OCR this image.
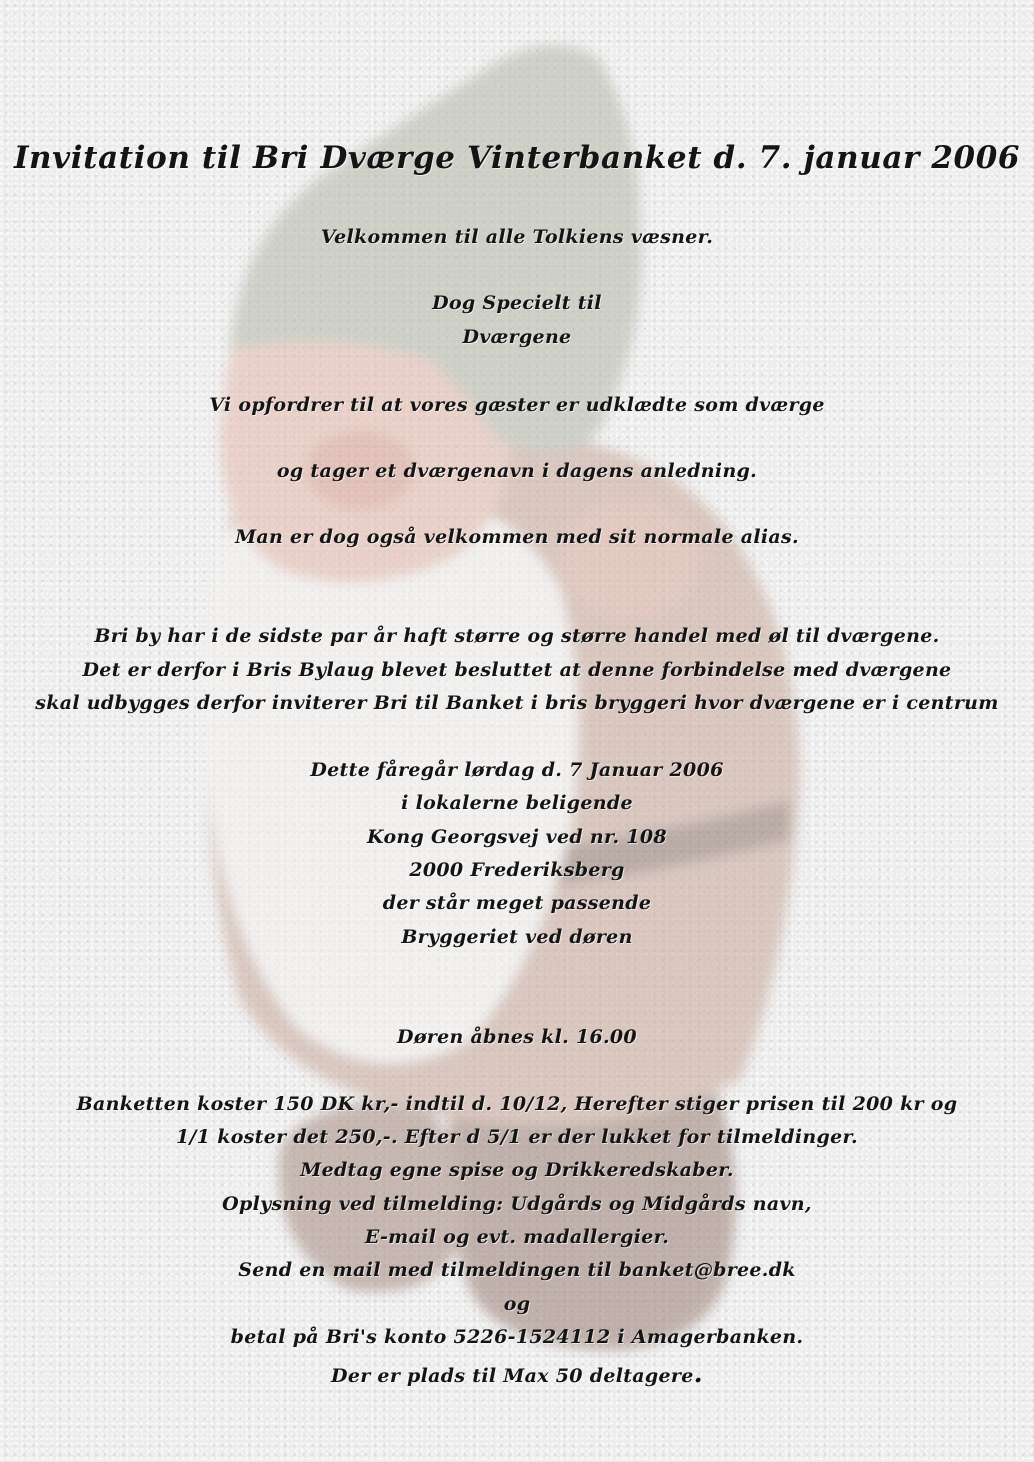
Invitation til Bri Dværge Vinterbanket d. 7. januar 2006
Velkommen til alle Tolkiens væsner.
Dog Specielt til
Dværgene
Vi opfordrer til at vores gæster er udklædte som dværge
og tager et dværgenavn i dagens anledning.
Man er dog også velkommen med sit normale alias.
Bri by har i de sidste par år haft større og større handel med øl til dværgene.
Det er derfor i Bris Bylaug blevet besluttet at denne forbindelse med dværgene
skal udbygges derfor inviterer Bri til Banket i bris bryggeri hvor dværgene er i centrum
Dette fåregår lørdag d. 7 Januar 2006
i lokalerne beligende
Kong Georgsvej ved nr. 108
2000 Frederiksberg
der står meget passende
Bryggeriet ved døren
Døren åbnes kl. 16.00
Banketten koster 150 DK kr,- indtil d. 10/12, Herefter stiger prisen til 200 kr og
1/1 koster det 250,-. Efter d 5/1 er der lukket for tilmeldinger.
Medtag egne spise og Drikkeredskaber.
Oplysning ved tilmelding: Udgårds og Midgårds navn,
E-mail og evt. madallergier.
Send en mail med tilmeldingen til banket@bree.dk
og
betal på Bri's konto 5226-1524112 i Amagerbanken.
Der er plads til Max 50 deltagere.
